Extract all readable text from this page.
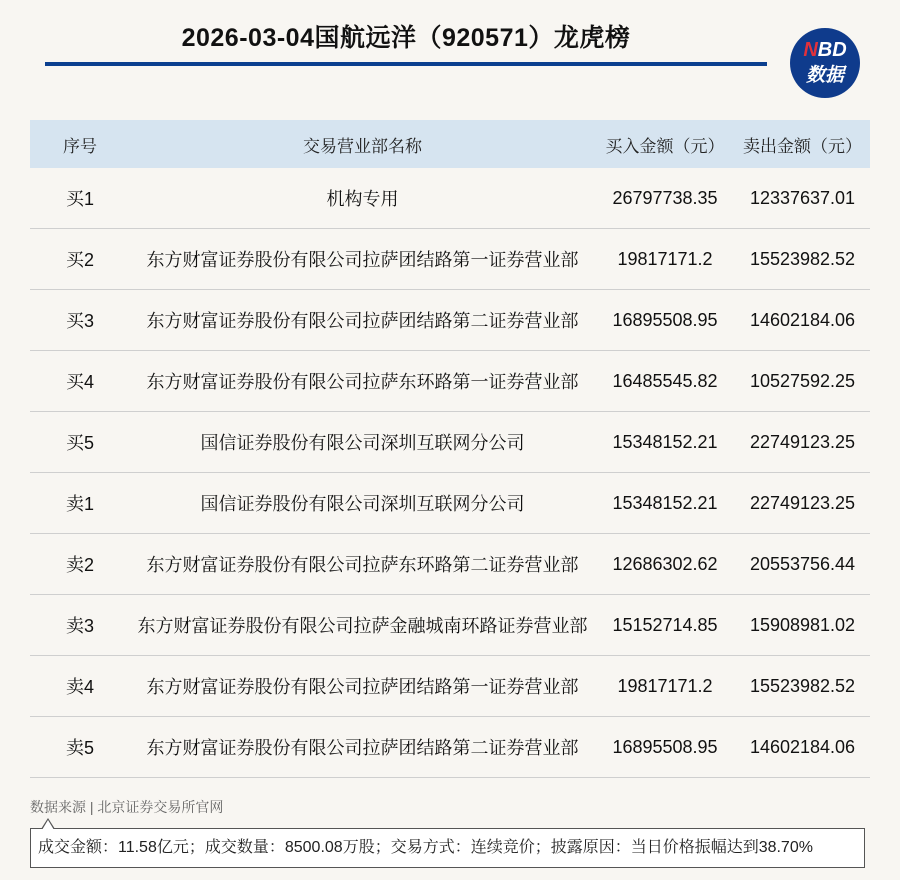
2026-03-04国航远洋（920571）龙虎榜	NBD
数据
序号	交易营业部名称	买入金额（元）	卖出金额（元）
买1	机构专用	26797738.35	12337637.01
买2	东方财富证券股份有限公司拉萨团结路第一证券营业部	19817171.2	15523982.52
买3	东方财富证券股份有限公司拉萨团结路第二证券营业部	16895508.95	14602184.06
买4	东方财富证券股份有限公司拉萨东环路第一证券营业部	16485545.82	10527592.25
买5	国信证券股份有限公司深圳互联网分公司	15348152.21	22749123.25
卖1	国信证券股份有限公司深圳互联网分公司	15348152.21	22749123.25
卖2	东方财富证券股份有限公司拉萨东环路第二证券营业部	12686302.62	20553756.44
卖3	东方财富证券股份有限公司拉萨金融城南环路证券营业部	15152714.85	15908981.02
卖4	东方财富证券股份有限公司拉萨团结路第一证券营业部	19817171.2	15523982.52
卖5	东方财富证券股份有限公司拉萨团结路第二证券营业部	16895508.95	14602184.06
数据来源 | 北京证券交易所官网
成交金额：11.58亿元；成交数量：8500.08万股；交易方式：连续竞价；披露原因：当日价格振幅达到38.70%
